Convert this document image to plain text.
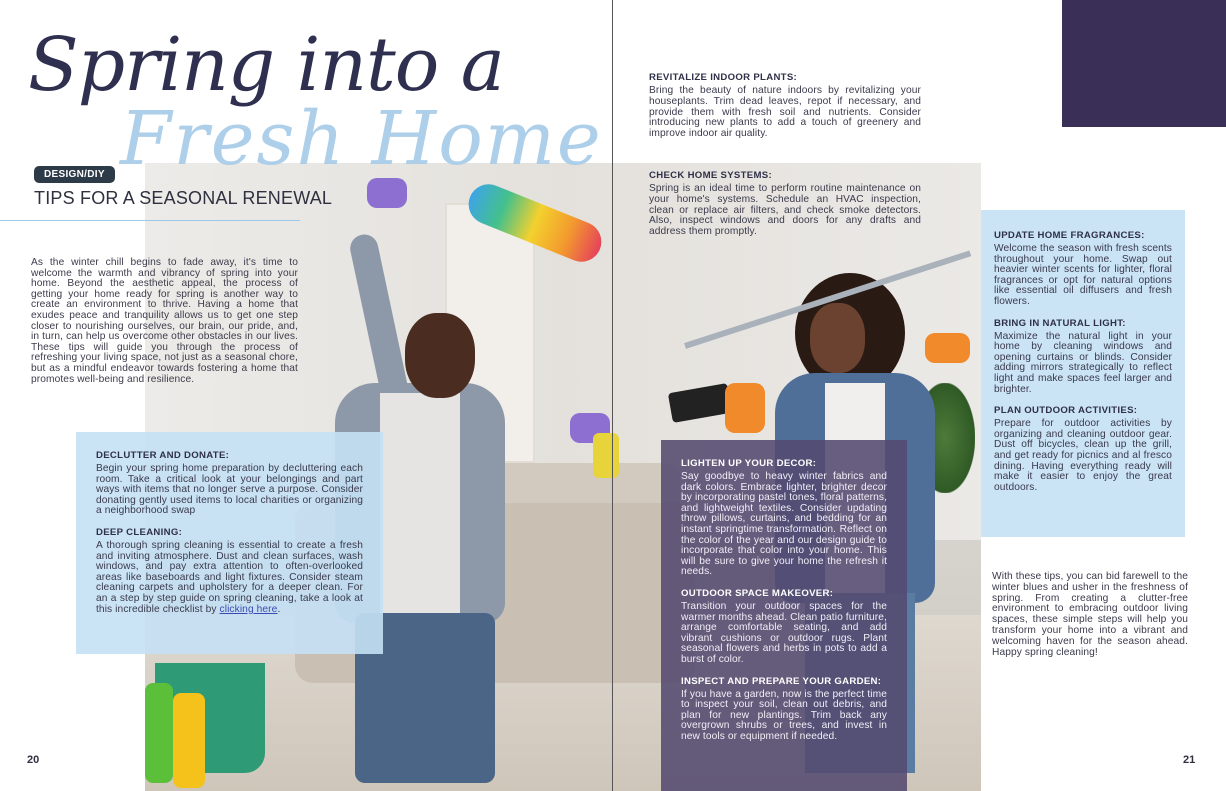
Spring into a
Fresh Home
DESIGN/DIY
TIPS FOR A SEASONAL RENEWAL
As the winter chill begins to fade away, it's time to welcome the warmth and vibrancy of spring into your home. Beyond the aesthetic appeal, the process of getting your home ready for spring is another way to create an environment to thrive. Having a home that exudes peace and tranquility allows us to get one step closer to nourishing ourselves, our brain, our pride, and, in turn, can help us overcome other obstacles in our lives. These tips will guide you through the process of refreshing your living space, not just as a seasonal chore, but as a mindful endeavor towards fostering a home that promotes well-being and resilience.
DECLUTTER AND DONATE:

Begin your spring home preparation by decluttering each room. Take a critical look at your belongings and part ways with items that no longer serve a purpose. Consider donating gently used items to local charities or organizing a neighborhood swap

DEEP CLEANING:

A thorough spring cleaning is essential to create a fresh and inviting atmosphere. Dust and clean surfaces, wash windows, and pay extra attention to often-overlooked areas like baseboards and light fixtures. Consider steam cleaning carpets and upholstery for a deeper clean. For an a step by step guide on spring cleaning, take a look at this incredible checklist by clicking here.

REVITALIZE INDOOR PLANTS:

Bring the beauty of nature indoors by revitalizing your houseplants. Trim dead leaves, repot if necessary, and provide them with fresh soil and nutrients. Consider introducing new plants to add a touch of greenery and improve indoor air quality.

CHECK HOME SYSTEMS:

Spring is an ideal time to perform routine maintenance on your home's systems. Schedule an HVAC inspection, clean or replace air filters, and check smoke detectors. Also, inspect windows and doors for any drafts and address them promptly.

LIGHTEN UP YOUR DECOR:

Say goodbye to heavy winter fabrics and dark colors. Embrace lighter, brighter decor by incorporating pastel tones, floral patterns, and lightweight textiles. Consider updating throw pillows, curtains, and bedding for an instant springtime transformation. Reflect on the color of the year and our design guide to incorporate that color into your home. This will be sure to give your home the refresh it needs.

OUTDOOR SPACE MAKEOVER:

Transition your outdoor spaces for the warmer months ahead. Clean patio furniture, arrange comfortable seating, and add vibrant cushions or outdoor rugs. Plant seasonal flowers and herbs in pots to add a burst of color.

INSPECT AND PREPARE YOUR GARDEN:

If you have a garden, now is the perfect time to inspect your soil, clean out debris, and plan for new plantings. Trim back any overgrown shrubs or trees, and invest in new tools or equipment if needed.

UPDATE HOME FRAGRANCES:

Welcome the season with fresh scents throughout your home. Swap out heavier winter scents for lighter, floral fragrances or opt for natural options like essential oil diffusers and fresh flowers.

BRING IN NATURAL LIGHT:

Maximize the natural light in your home by cleaning windows and opening curtains or blinds. Consider adding mirrors strategically to reflect light and make spaces feel larger and brighter.

PLAN OUTDOOR ACTIVITIES:

Prepare for outdoor activities by organizing and cleaning outdoor gear. Dust off bicycles, clean up the grill, and get ready for picnics and al fresco dining. Having everything ready will make it easier to enjoy the great outdoors.

With these tips, you can bid farewell to the winter blues and usher in the freshness of spring. From creating a clutter-free environment to embracing outdoor living spaces, these simple steps will help you transform your home into a vibrant and welcoming haven for the season ahead. Happy spring cleaning!
20	21
